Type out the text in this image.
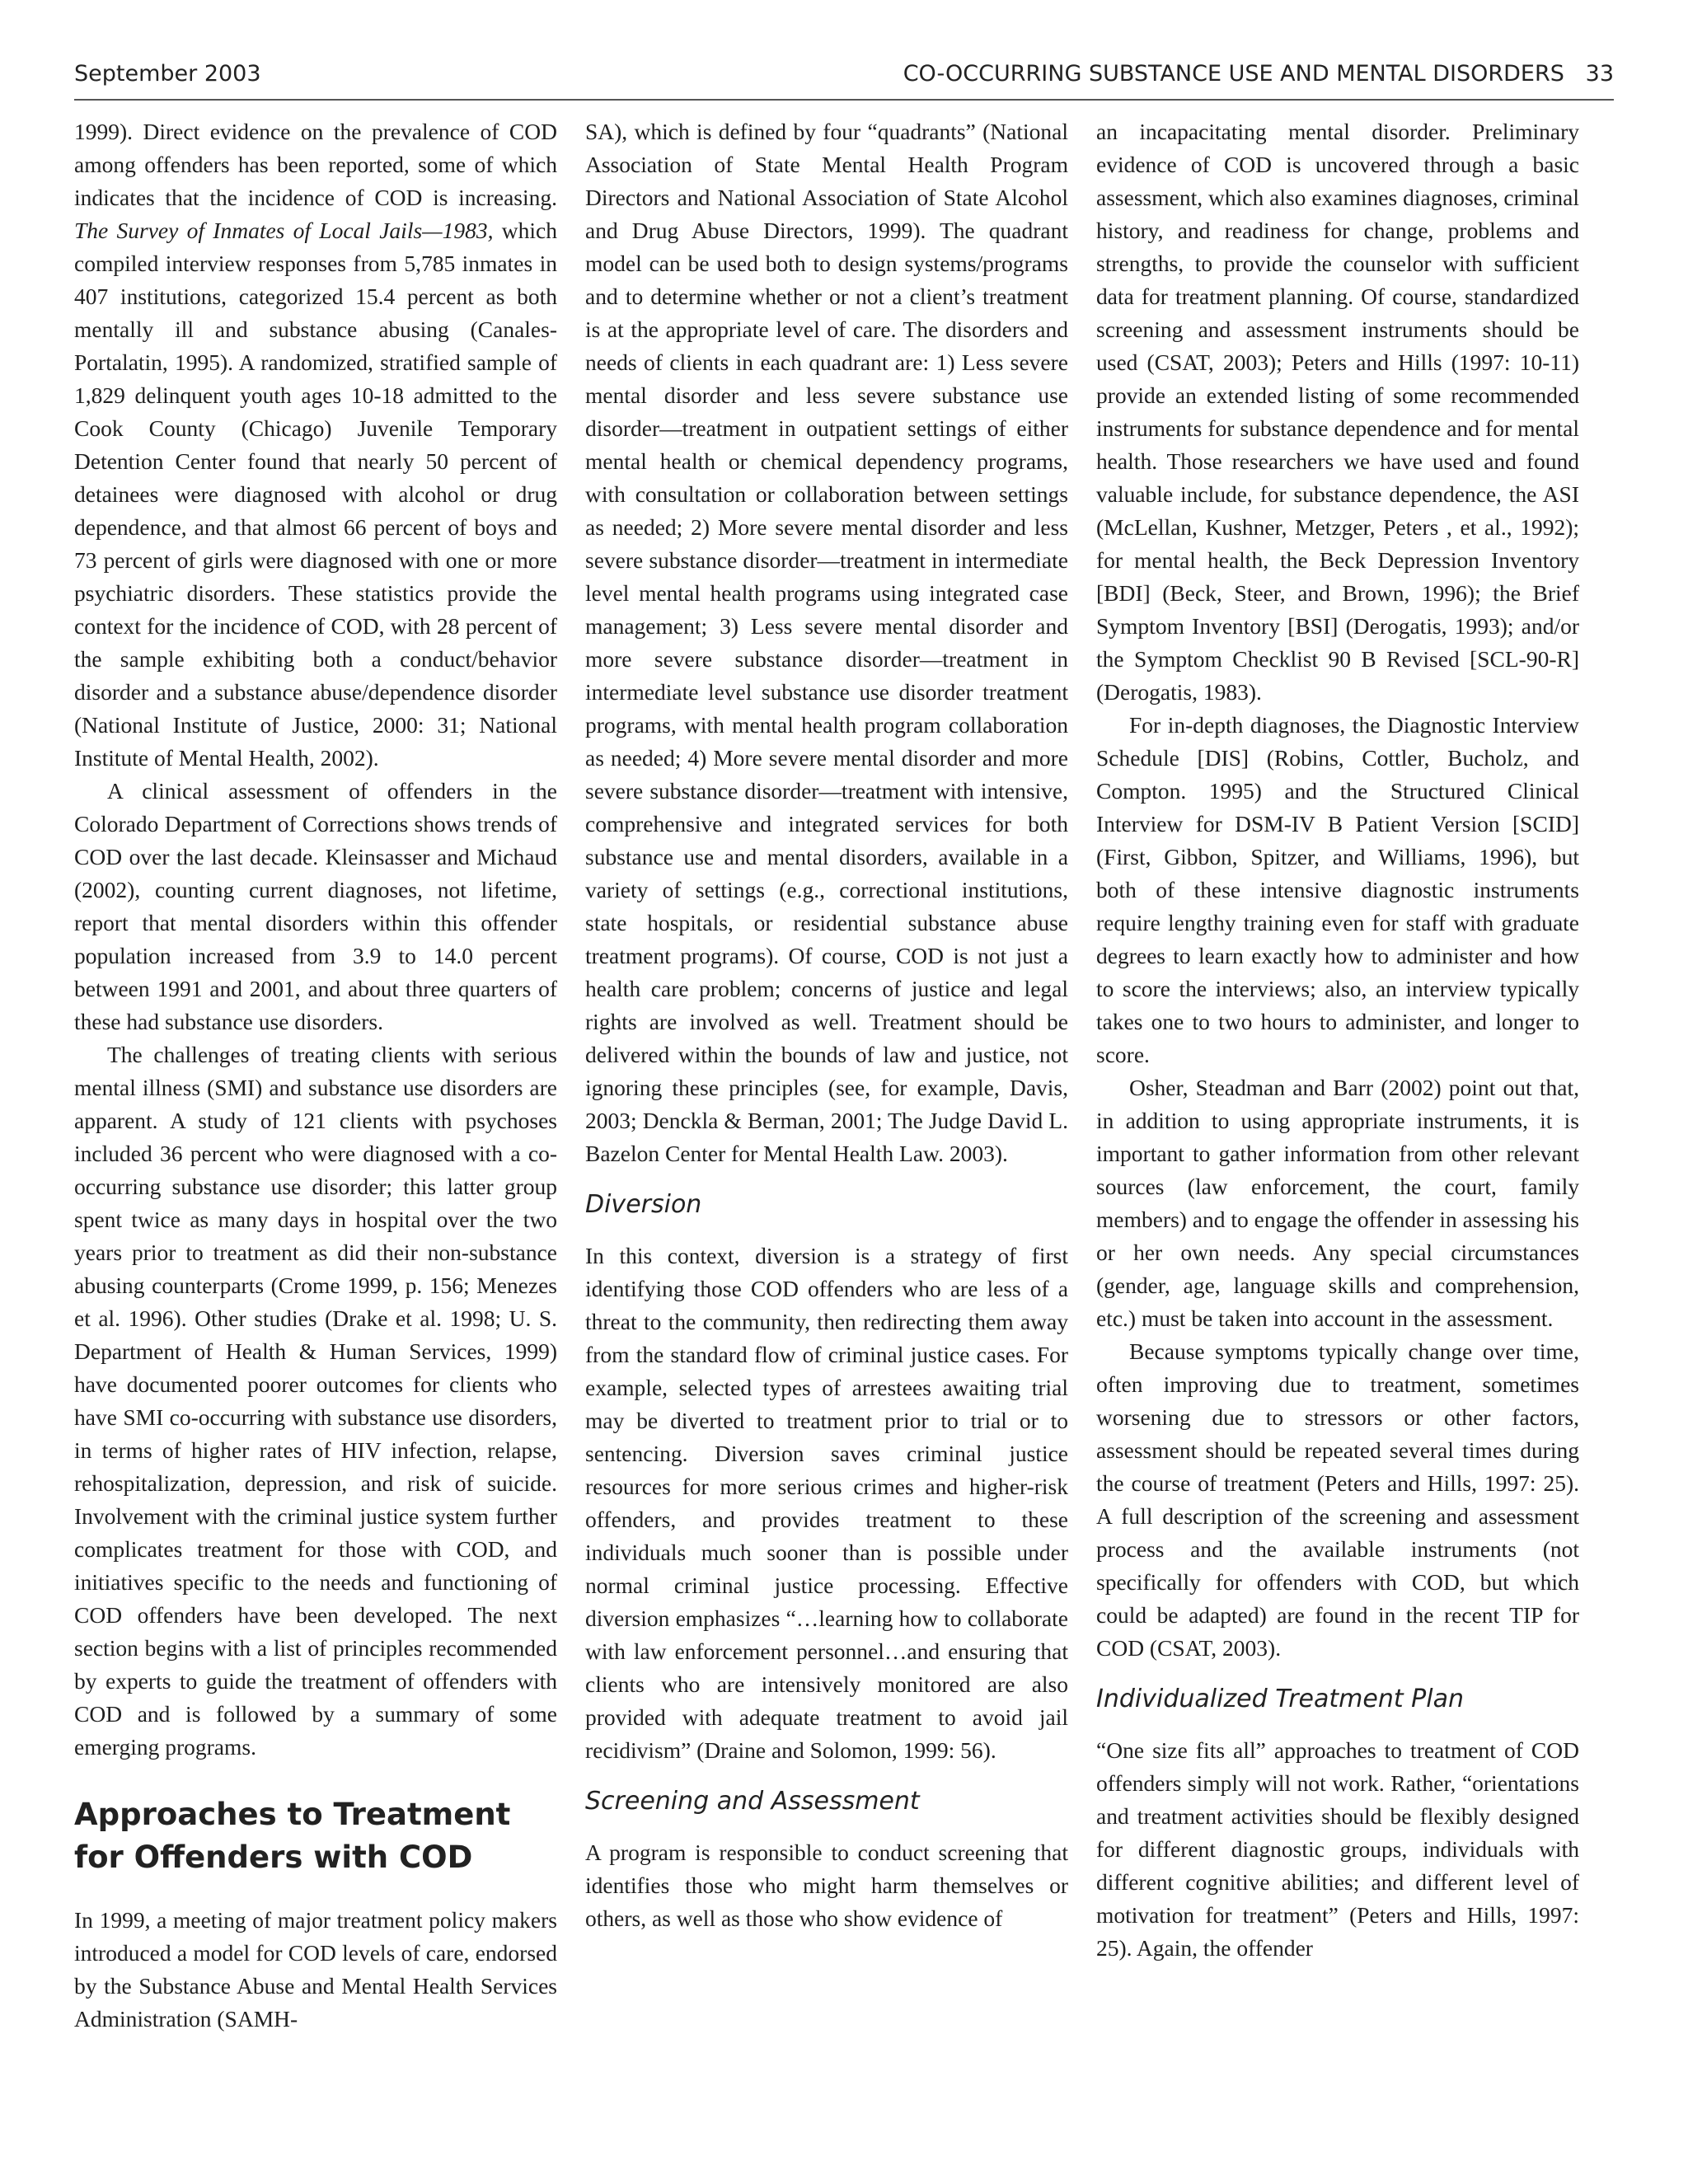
September 2003	CO-OCCURRING SUBSTANCE USE AND MENTAL DISORDERS 33

1999). Direct evidence on the prevalence of COD among offenders has been reported, some of which indicates that the incidence of COD is increasing. The Survey of Inmates of Local Jails—1983, which compiled interview responses from 5,785 inmates in 407 institutions, categorized 15.4 percent as both mentally ill and substance abusing (Canales-Portalatin, 1995). A randomized, stratified sample of 1,829 delinquent youth ages 10-18 admitted to the Cook County (Chicago) Juvenile Temporary Detention Center found that nearly 50 percent of detainees were diagnosed with alcohol or drug dependence, and that almost 66 percent of boys and 73 percent of girls were diagnosed with one or more psychiatric disorders. These statistics provide the context for the incidence of COD, with 28 percent of the sample exhibiting both a conduct/behavior disorder and a substance abuse/dependence disorder (National Institute of Justice, 2000: 31; National Institute of Mental Health, 2002).

A clinical assessment of offenders in the Colorado Department of Corrections shows trends of COD over the last decade. Kleinsasser and Michaud (2002), counting current diagnoses, not lifetime, report that mental disorders within this offender population increased from 3.9 to 14.0 percent between 1991 and 2001, and about three quarters of these had substance use disorders.

The challenges of treating clients with serious mental illness (SMI) and substance use disorders are apparent. A study of 121 clients with psychoses included 36 percent who were diagnosed with a co-occurring substance use disorder; this latter group spent twice as many days in hospital over the two years prior to treatment as did their non-substance abusing counterparts (Crome 1999, p. 156; Menezes et al. 1996). Other studies (Drake et al. 1998; U. S. Department of Health & Human Services, 1999) have documented poorer outcomes for clients who have SMI co-occurring with substance use disorders, in terms of higher rates of HIV infection, relapse, rehospitalization, depression, and risk of suicide. Involvement with the criminal justice system further complicates treatment for those with COD, and initiatives specific to the needs and functioning of COD offenders have been developed. The next section begins with a list of principles recommended by experts to guide the treatment of offenders with COD and is followed by a summary of some emerging programs.

Approaches to Treatment for Offenders with COD

In 1999, a meeting of major treatment policy makers introduced a model for COD levels of care, endorsed by the Substance Abuse and Mental Health Services Administration (SAMH-

SA), which is defined by four “quadrants” (National Association of State Mental Health Program Directors and National Association of State Alcohol and Drug Abuse Directors, 1999). The quadrant model can be used both to design systems/programs and to determine whether or not a client’s treatment is at the appropriate level of care. The disorders and needs of clients in each quadrant are: 1) Less severe mental disorder and less severe substance use disorder—treatment in outpatient settings of either mental health or chemical dependency programs, with consultation or collaboration between settings as needed; 2) More severe mental disorder and less severe substance disorder—treatment in intermediate level mental health programs using integrated case management; 3) Less severe mental disorder and more severe substance disorder—treatment in intermediate level substance use disorder treatment programs, with mental health program collaboration as needed; 4) More severe mental disorder and more severe substance disorder—treatment with intensive, comprehensive and integrated services for both substance use and mental disorders, available in a variety of settings (e.g., correctional institutions, state hospitals, or residential substance abuse treatment programs). Of course, COD is not just a health care problem; concerns of justice and legal rights are involved as well. Treatment should be delivered within the bounds of law and justice, not ignoring these principles (see, for example, Davis, 2003; Denckla & Berman, 2001; The Judge David L. Bazelon Center for Mental Health Law. 2003).

Diversion

In this context, diversion is a strategy of first identifying those COD offenders who are less of a threat to the community, then redirecting them away from the standard flow of criminal justice cases. For example, selected types of arrestees awaiting trial may be diverted to treatment prior to trial or to sentencing. Diversion saves criminal justice resources for more serious crimes and higher-risk offenders, and provides treatment to these individuals much sooner than is possible under normal criminal justice processing. Effective diversion emphasizes “…learning how to collaborate with law enforcement personnel…and ensuring that clients who are intensively monitored are also provided with adequate treatment to avoid jail recidivism” (Draine and Solomon, 1999: 56).

Screening and Assessment

A program is responsible to conduct screening that identifies those who might harm themselves or others, as well as those who show evidence of

an incapacitating mental disorder. Preliminary evidence of COD is uncovered through a basic assessment, which also examines diagnoses, criminal history, and readiness for change, problems and strengths, to provide the counselor with sufficient data for treatment planning. Of course, standardized screening and assessment instruments should be used (CSAT, 2003); Peters and Hills (1997: 10-11) provide an extended listing of some recommended instruments for substance dependence and for mental health. Those researchers we have used and found valuable include, for substance dependence, the ASI (McLellan, Kushner, Metzger, Peters , et al., 1992); for mental health, the Beck Depression Inventory [BDI] (Beck, Steer, and Brown, 1996); the Brief Symptom Inventory [BSI] (Derogatis, 1993); and/or the Symptom Checklist 90 B Revised [SCL-90-R] (Derogatis, 1983).

For in-depth diagnoses, the Diagnostic Interview Schedule [DIS] (Robins, Cottler, Bucholz, and Compton. 1995) and the Structured Clinical Interview for DSM-IV B Patient Version [SCID] (First, Gibbon, Spitzer, and Williams, 1996), but both of these intensive diagnostic instruments require lengthy training even for staff with graduate degrees to learn exactly how to administer and how to score the interviews; also, an interview typically takes one to two hours to administer, and longer to score.

Osher, Steadman and Barr (2002) point out that, in addition to using appropriate instruments, it is important to gather information from other relevant sources (law enforcement, the court, family members) and to engage the offender in assessing his or her own needs. Any special circumstances (gender, age, language skills and comprehension, etc.) must be taken into account in the assessment.

Because symptoms typically change over time, often improving due to treatment, sometimes worsening due to stressors or other factors, assessment should be repeated several times during the course of treatment (Peters and Hills, 1997: 25). A full description of the screening and assessment process and the available instruments (not specifically for offenders with COD, but which could be adapted) are found in the recent TIP for COD (CSAT, 2003).

Individualized Treatment Plan

“One size fits all” approaches to treatment of COD offenders simply will not work. Rather, “orientations and treatment activities should be flexibly designed for different diagnostic groups, individuals with different cognitive abilities; and different level of motivation for treatment” (Peters and Hills, 1997: 25). Again, the offender
